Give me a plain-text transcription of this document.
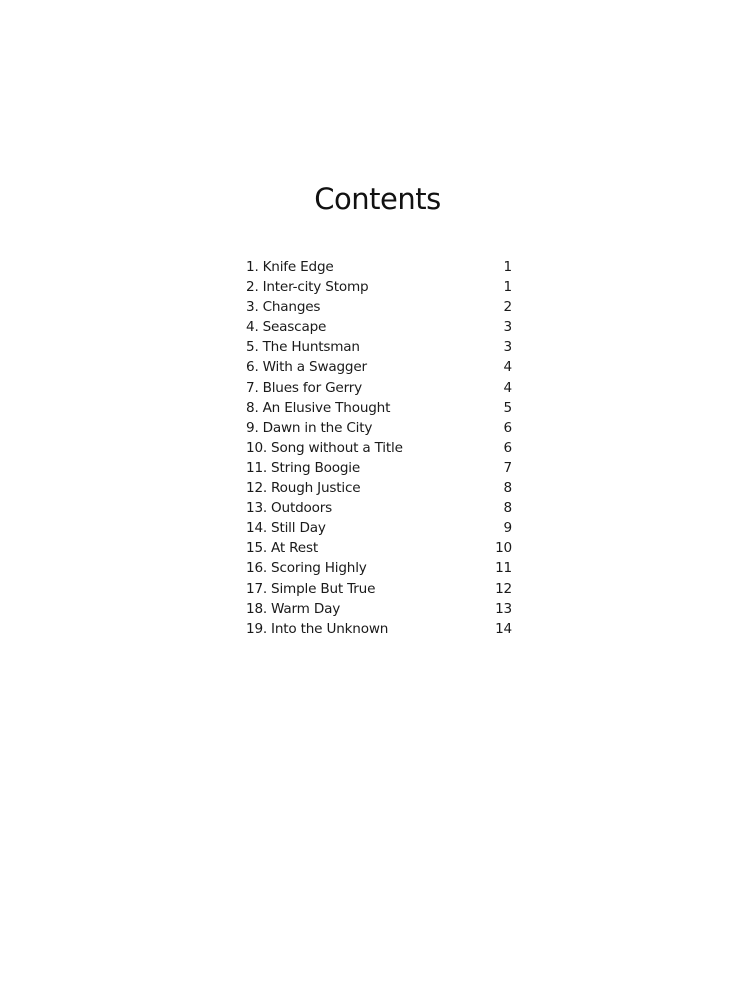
Contents
1. Knife Edge	1
2. Inter-city Stomp	1
3. Changes	2
4. Seascape	3
5. The Huntsman	3
6. With a Swagger	4
7. Blues for Gerry	4
8. An Elusive Thought	5
9. Dawn in the City	6
10. Song without a Title	6
11. String Boogie	7
12. Rough Justice	8
13. Outdoors	8
14. Still Day	9
15. At Rest	10
16. Scoring Highly	11
17. Simple But True	12
18. Warm Day	13
19. Into the Unknown	14
